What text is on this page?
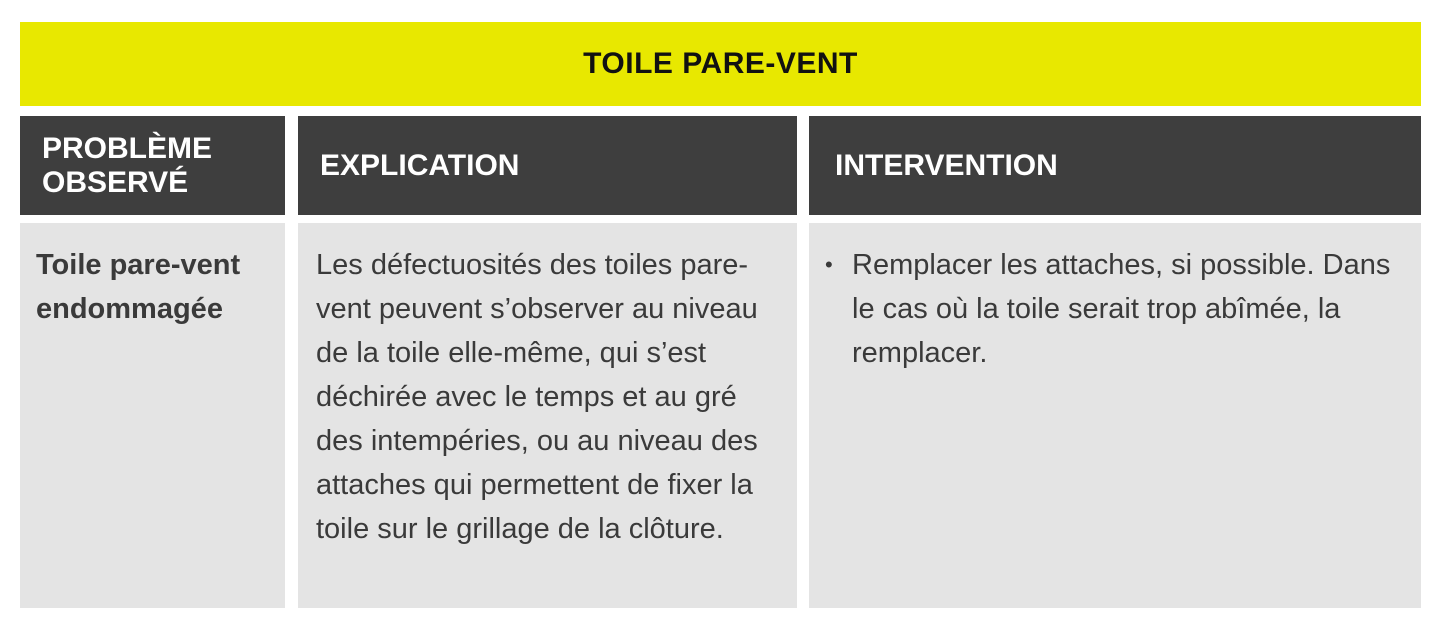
TOILE PARE-VENT
PROBLÈME OBSERVÉ
EXPLICATION	INTERVENTION
Toile pare-vent endommagée
Les défectuosités des toiles pare-vent peuvent s’observer au niveau de la toile elle-même, qui s’est déchirée avec le temps et au gré des intempéries, ou au niveau des attaches qui permettent de fixer la toile sur le grillage de la clôture.
• Remplacer les attaches, si possible. Dans le cas où la toile serait trop abîmée, la remplacer.
